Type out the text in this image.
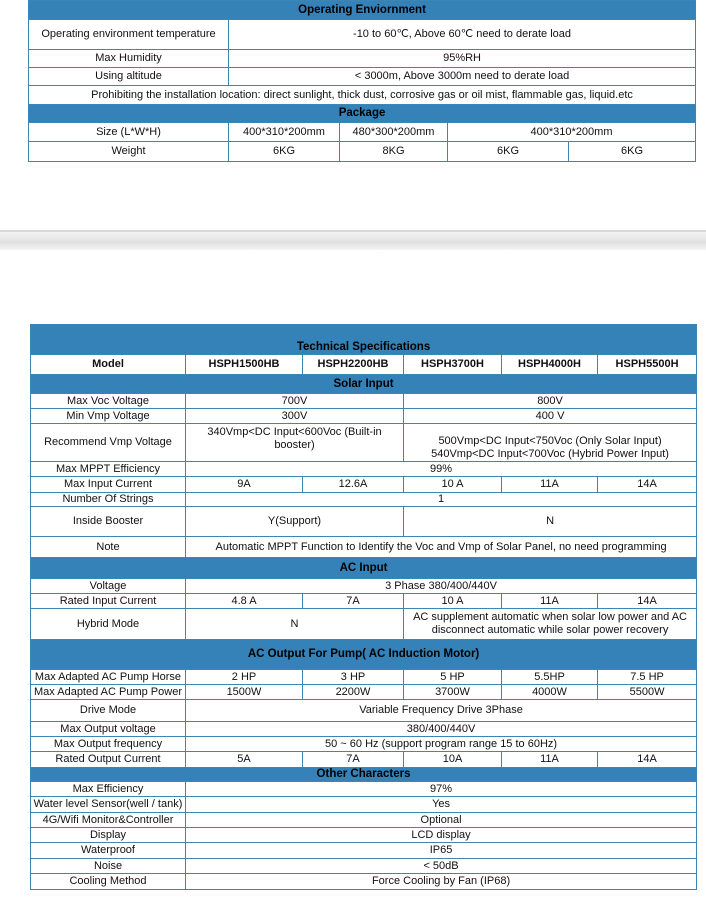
Operating Enviornment				
Operating environment temperature	-10 to 60℃, Above 60℃ need to derate load			
Max Humidity	95%RH			
Using altitude	< 3000m, Above 3000m need to derate load			
Prohibiting the installation location: direct sunlight, thick dust, corrosive gas or oil mist, flammable gas, liquid.etc				
Package				
Size (L*W*H)	400*310*200mm	480*300*200mm	400*310*200mm	
Weight	6KG	8KG	6KG	6KG
Technical Specifications					
Model	HSPH1500HB	HSPH2200HB	HSPH3700H	HSPH4000H	HSPH5500H
Solar Input					
Max Voc Voltage	700V		800V		
Min Vmp Voltage	300V		400 V		
Recommend Vmp Voltage	340Vmp<DC Input<600Voc (Built-in booster)		500Vmp<DC Input<750Voc (Only Solar Input)
540Vmp<DC Input<700Voc (Hybrid Power Input)		

Max MPPT Efficiency	99%				
Max Input Current	9A	12.6A	10 A	11A	14A
Number Of Strings	1				
Inside Booster	Y(Support)		N		
Note	Automatic MPPT Function to Identify the Voc and Vmp of Solar Panel, no need programming				
AC Input					
Voltage	3 Phase 380/400/440V				
Rated Input Current	4.8 A	7A	10 A	11A	14A
Hybrid Mode	N		AC supplement automatic when solar low power and AC disconnect automatic while solar power recovery		
AC Output For Pump( AC Induction Motor)					
Max Adapted AC Pump Horse	2 HP	3 HP	5 HP	5.5HP	7.5 HP
Max Adapted AC Pump Power	1500W	2200W	3700W	4000W	5500W
Drive Mode	Variable Frequency Drive 3Phase				
Max Output voltage	380/400/440V				
Max Output frequency	50 ~ 60 Hz (support program range 15 to 60Hz)				
Rated Output Current	5A	7A	10A	11A	14A
Other Characters					
Max Efficiency	97%				
Water level Sensor(well / tank)	Yes				
4G/Wifi Monitor&Controller	Optional				
Display	LCD display				
Waterproof	IP65				
Noise	< 50dB				
Cooling Method	Force Cooling by Fan (IP68)				
